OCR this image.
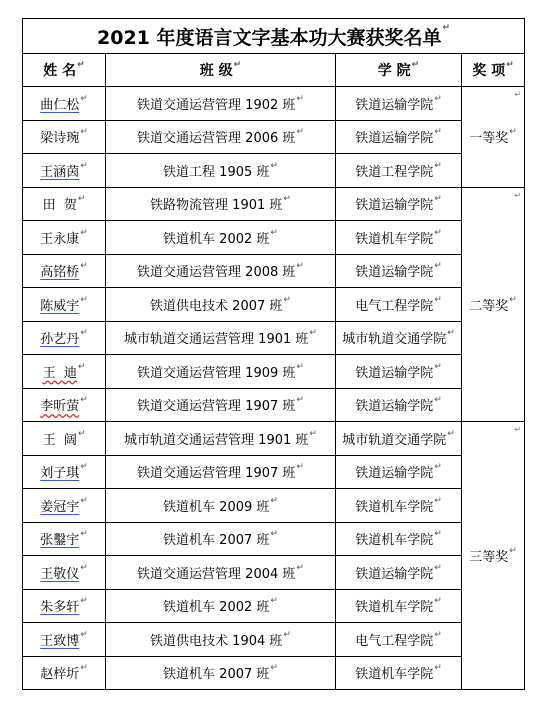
2021 年度语言文字基本功大赛获奖名单↵
姓 名↵	班 级↵	学 院↵	奖 项↵
曲仁松↵	铁道交通运营管理 1902 班↵	铁道运输学院↵	↵
一等奖↵
梁诗琬↵	铁道交通运营管理 2006 班↵	铁道运输学院↵
王涵茵↵	铁道工程 1905 班↵	铁道工程学院↵
田  贺↵	铁路物流管理 1901 班↵	铁道运输学院↵	↵
二等奖↵
王永康↵	铁道机车 2002 班↵	铁道机车学院↵
高铭桥↵	铁道交通运营管理 2008 班↵	铁道运输学院↵
陈威宇↵	铁道供电技术 2007 班↵	电气工程学院↵
孙艺丹↵	城市轨道交通运营管理 1901 班↵	城市轨道交通学院↵
王  迪↵	铁道交通运营管理 1909 班↵	铁道运输学院↵
李昕萤↵	铁道交通运营管理 1907 班↵	铁道运输学院↵
王  阔↵	城市轨道交通运营管理 1901 班↵	城市轨道交通学院↵	↵
三等奖↵
刘子琪↵	铁道交通运营管理 1907 班↵	铁道运输学院↵
姜冠宇↵	铁道机车 2009 班↵	铁道机车学院↵
张鑿宇↵	铁道机车 2007 班↵	铁道机车学院↵
王敬仪↵	铁道交通运营管理 2004 班↵	铁道运输学院↵
朱多轩↵	铁道机车 2002 班↵	铁道机车学院↵
王致博↵	铁道供电技术 1904 班↵	电气工程学院↵
赵梓圻↵	铁道机车 2007 班↵	铁道机车学院↵
